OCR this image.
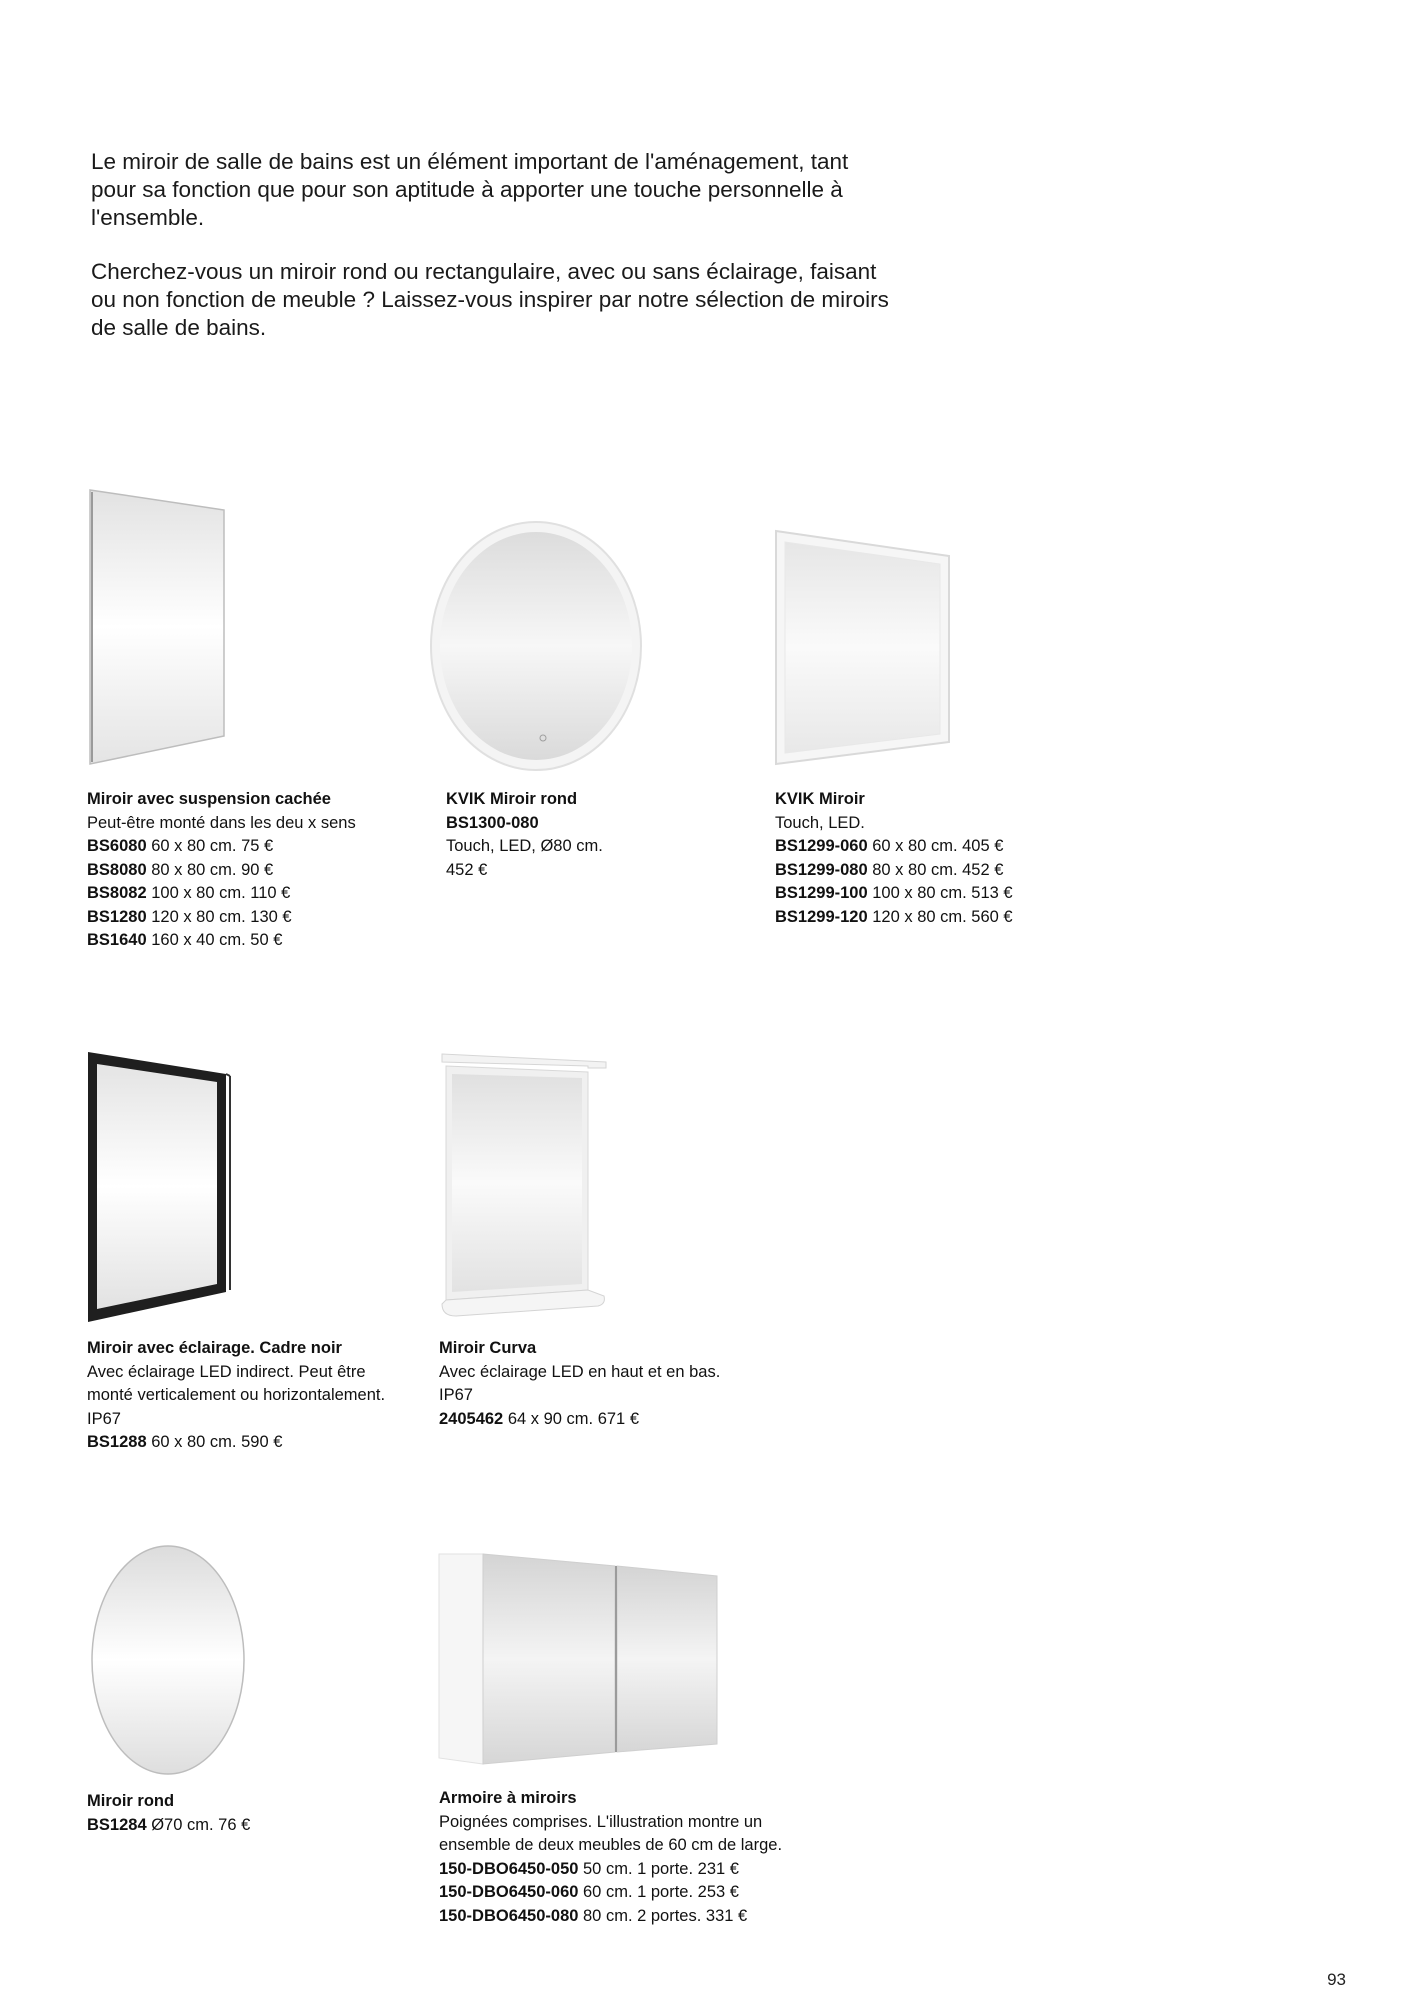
Le miroir de salle de bains est un élément important de l'aménagement, tant pour sa fonction que pour son aptitude à apporter une touche personnelle à l'ensemble.

Cherchez-vous un miroir rond ou rectangulaire, avec ou sans éclairage, faisant ou non fonction de meuble ? Laissez-vous inspirer par notre sélection de miroirs de salle de bains.

Miroir avec suspension cachée
Peut-être monté dans les deu x sens
BS6080 60 x 80 cm. 75 €
BS8080 80 x 80 cm. 90 €
BS8082 100 x 80 cm. 110 €
BS1280 120 x 80 cm. 130 €
BS1640 160 x 40 cm. 50 €
KVIK Miroir rond
BS1300-080
Touch, LED, Ø80 cm.
452 €
KVIK Miroir
Touch, LED.
BS1299-060 60 x 80 cm. 405 €
BS1299-080 80 x 80 cm. 452 €
BS1299-100 100 x 80 cm. 513 €
BS1299-120 120 x 80 cm. 560 €
Miroir avec éclairage. Cadre noir
Avec éclairage LED indirect. Peut être
monté verticalement ou horizontalement.
IP67
BS1288 60 x 80 cm. 590 €
Miroir Curva
Avec éclairage LED en haut et en bas.
IP67
2405462 64 x 90 cm. 671 €
Miroir rond
BS1284 Ø70 cm. 76 €
Armoire à miroirs
Poignées comprises. L'illustration montre un
ensemble de deux meubles de 60 cm de large.
150-DBO6450-050 50 cm. 1 porte. 231 €
150-DBO6450-060 60 cm. 1 porte. 253 €
150-DBO6450-080 80 cm. 2 portes. 331 €
93
